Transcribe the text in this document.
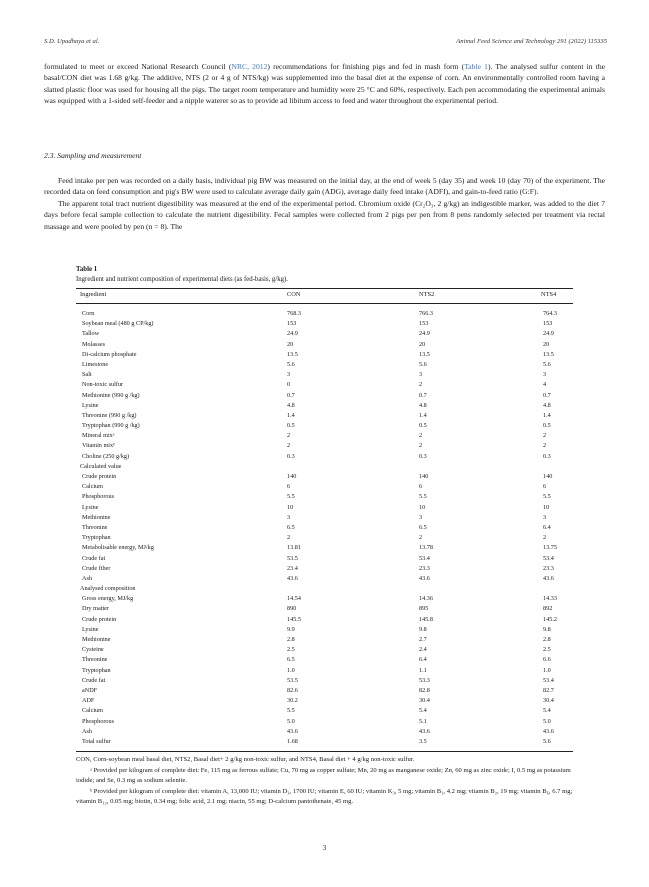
S.D. Upadhaya et al.	Animal Feed Science and Technology 291 (2022) 115335

formulated to meet or exceed National Research Council (NRC, 2012) recommendations for finishing pigs and fed in mash form (Table 1). The analysed sulfur content in the basal/CON diet was 1.68 g/kg. The additive, NTS (2 or 4 g of NTS/kg) was supplemented into the basal diet at the expense of corn. An environmentally controlled room having a slatted plastic floor was used for housing all the pigs. The target room temperature and humidity were 25 °C and 60%, respectively. Each pen accommodating the experimental animals was equipped with a 1-sided self-feeder and a nipple waterer so as to provide ad libitum access to feed and water throughout the experimental period.

2.3. Sampling and measurement

Feed intake per pen was recorded on a daily basis, individual pig BW was measured on the initial day, at the end of week 5 (day 35) and week 10 (day 70) of the experiment. The recorded data on feed consumption and pig's BW were used to calculate average daily gain (ADG), average daily feed intake (ADFI), and gain-to-feed ratio (G:F).

The apparent total tract nutrient digestibility was measured at the end of the experimental period. Chromium oxide (Cr₂O₃, 2 g/kg) an indigestible marker, was added to the diet 7 days before fecal sample collection to calculate the nutrient digestibility. Fecal samples were collected from 2 pigs per pen from 8 pens randomly selected per treatment via rectal massage and were pooled by pen (n = 8). The

Table 1
Ingredient and nutrient composition of experimental diets (as fed-basis, g/kg).
Ingredient	CON	NTS2	NTS4
Corn	768.3	766.3	764.3
Soybean meal (480 g CP/kg)	153	153	153
Tallow	24.9	24.9	24.9
Molasses	20	20	20
Di-calcium phosphate	13.5	13.5	13.5
Limestone	5.6	5.6	5.6
Salt	3	3	3
Non-toxic sulfur	0	2	4
Methionine (990 g /kg)	0.7	0.7	0.7
Lysine	4.8	4.8	4.8
Threonine (990 g /kg)	1.4	1.4	1.4
Tryptophan (990 g /kg)	0.5	0.5	0.5
Mineral mixᵃ	2	2	2
Vitamin mixᵇ	2	2	2
Choline (250 g/kg)	0.3	0.3	0.3
Calculated value
Crude protein	140	140	140
Calcium	6	6	6
Phosphorous	5.5	5.5	5.5
Lysine	10	10	10
Methionine	3	3	3
Threonine	6.5	6.5	6.4
Tryptophan	2	2	2
Metabolisable energy, MJ/kg	13.81	13.78	13.75
Crude fat	53.5	53.4	53.4
Crude fiber	23.4	23.3	23.3
Ash	43.6	43.6	43.6
Analysed composition
Gross energy, MJ/kg	14.54	14.36	14.33
Dry matter	890	895	892
Crude protein	145.5	145.8	145.2
Lysine	9.9	9.8	9.8
Methionine	2.8	2.7	2.8
Cysteine	2.5	2.4	2.5
Threonine	6.5	6.4	6.6
Tryptophan	1.0	1.1	1.0
Crude fat	53.5	53.3	53.4
aNDF	82.6	82.8	82.7
ADF	30.2	30.4	30.4
Calcium	5.5	5.4	5.4
Phosphorous	5.0	5.1	5.0
Ash	43.6	43.6	43.6
Total sulfur	1.68	3.5	5.6

CON, Corn-soybean meal basal diet, NTS2, Basal diet+ 2 g/kg non-toxic sulfur, and NTS4, Basal diet + 4 g/kg non-toxic sulfur.

ᵃ Provided per kilogram of complete diet: Fe, 115 mg as ferrous sulfate; Cu, 70 mg as copper sulfate; Mn, 20 mg as manganese oxide; Zn, 60 mg as zinc oxide; I, 0.5 mg as potassium iodide; and Se, 0.3 mg as sodium selenite.

ᵇ Provided per kilogram of complete diet: vitamin A, 13,000 IU; vitamin D₃, 1700 IU; vitamin E, 60 IU; vitamin K₃, 5 mg; vitamin B₁, 4.2 mg; vitamin B₂, 19 mg; vitamin B₆, 6.7 mg; vitamin B₁₂, 0.05 mg; biotin, 0.34 mg; folic acid, 2.1 mg; niacin, 55 mg; D-calcium pantothenate, 45 mg.

3
